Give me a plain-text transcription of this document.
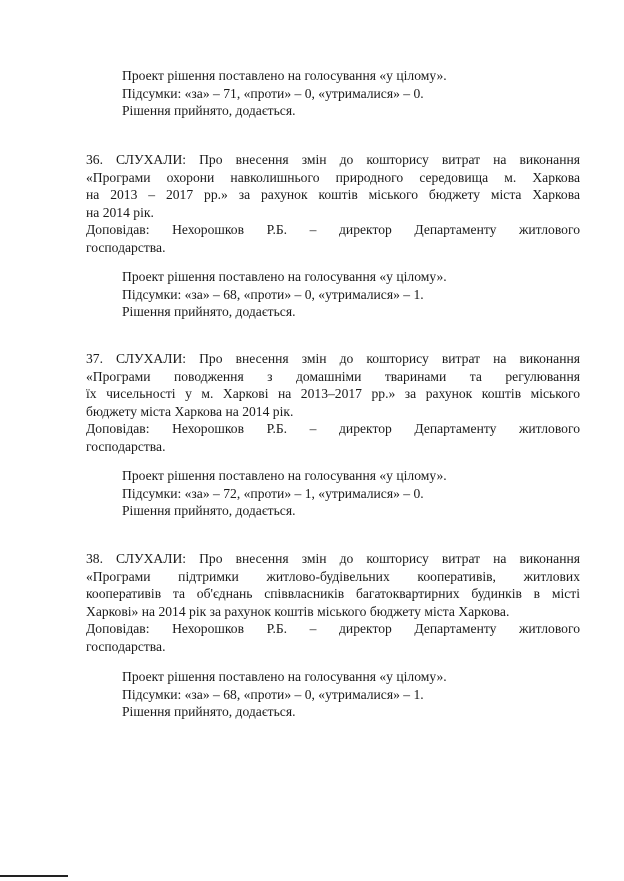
Проект рішення поставлено на голосування «у цілому».
Підсумки: «за» – 71, «проти» – 0, «утрималися» – 0.
Рішення прийнято, додається.
36. СЛУХАЛИ: Про внесення змін до кошторису витрат на виконання
«Програми охорони навколишнього природного середовища м. Харкова
на 2013 – 2017 рр.» за рахунок коштів міського бюджету міста Харкова
на 2014 рік.
Доповідав: Нехорошков Р.Б. – директор Департаменту житлового
господарства.
Проект рішення поставлено на голосування «у цілому».
Підсумки: «за» – 68, «проти» – 0, «утрималися» – 1.
Рішення прийнято, додається.
37. СЛУХАЛИ: Про внесення змін до кошторису витрат на виконання
«Програми поводження з домашніми тваринами та регулювання
їх чисельності у м. Харкові на 2013–2017 рр.» за рахунок коштів міського
бюджету міста Харкова на 2014 рік.
Доповідав: Нехорошков Р.Б. – директор Департаменту житлового
господарства.
Проект рішення поставлено на голосування «у цілому».
Підсумки: «за» – 72, «проти» – 1, «утрималися» – 0.
Рішення прийнято, додається.
38. СЛУХАЛИ: Про внесення змін до кошторису витрат на виконання
«Програми підтримки житлово-будівельних кооперативів, житлових
кооперативів та об'єднань співвласників багатоквартирних будинків в місті
Харкові» на 2014 рік за рахунок коштів міського бюджету міста Харкова.
Доповідав: Нехорошков Р.Б. – директор Департаменту житлового
господарства.
Проект рішення поставлено на голосування «у цілому».
Підсумки: «за» – 68, «проти» – 0, «утрималися» – 1.
Рішення прийнято, додається.
